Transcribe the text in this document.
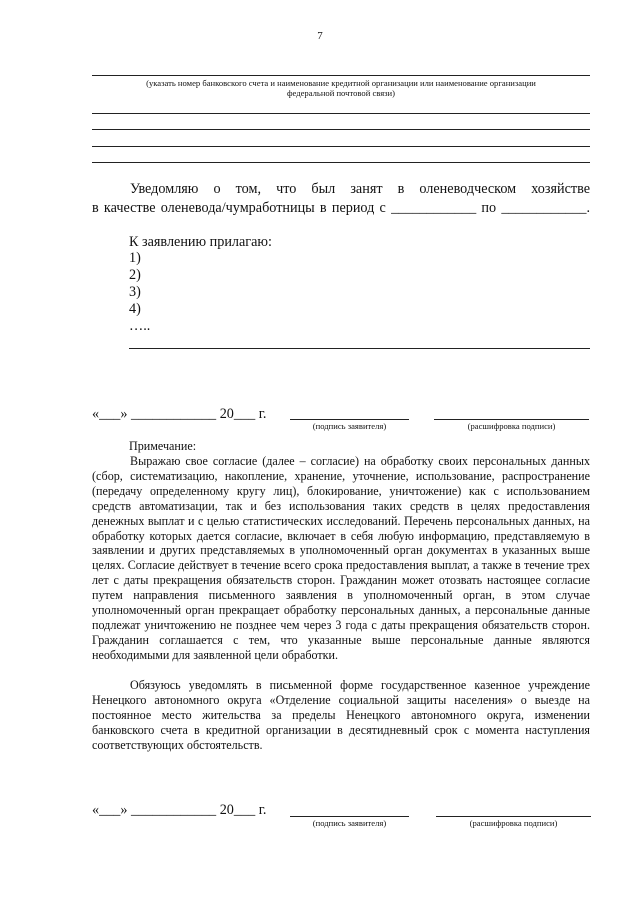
7
(указать номер банковского счета и наименование кредитной организации или наименование организации
федеральной почтовой связи)
Уведомляю о том, что был занят в оленеводческом хозяйстве
в качестве оленевода/чумработницы в период с ____________ по ____________.
К заявлению прилагаю:
1)
2)
3)
4)
…..
«___» ____________ 20___ г.
(подпись заявителя)	(расшифровка подписи)
Примечание:
Выражаю свое согласие (далее – согласие) на обработку своих персональных данных (сбор, систематизацию, накопление, хранение, уточнение, использование, распространение (передачу определенному кругу лиц), блокирование, уничтожение) как с использованием средств автоматизации, так и без использования таких средств в целях предоставления денежных выплат и с целью статистических исследований. Перечень персональных данных, на обработку которых дается согласие, включает в себя любую информацию, представляемую в заявлении и других представляемых в уполномоченный орган документах в указанных выше целях. Согласие действует в течение всего срока предоставления выплат, а также в течение трех лет с даты прекращения обязательств сторон. Гражданин может отозвать настоящее согласие путем направления письменного заявления в уполномоченный орган, в этом случае уполномоченный орган прекращает обработку персональных данных, а персональные данные подлежат уничтожению не позднее чем через 3 года с даты прекращения обязательств сторон. Гражданин соглашается с тем, что указанные выше персональные данные являются необходимыми для заявленной цели обработки.
Обязуюсь уведомлять в письменной форме государственное казенное учреждение Ненецкого автономного округа «Отделение социальной защиты населения» о выезде на постоянное место жительства за пределы Ненецкого автономного округа, изменении банковского счета в кредитной организации в десятидневный срок с момента наступления соответствующих обстоятельств.
«___» ____________ 20___ г.
(подпись заявителя)	(расшифровка подписи)
